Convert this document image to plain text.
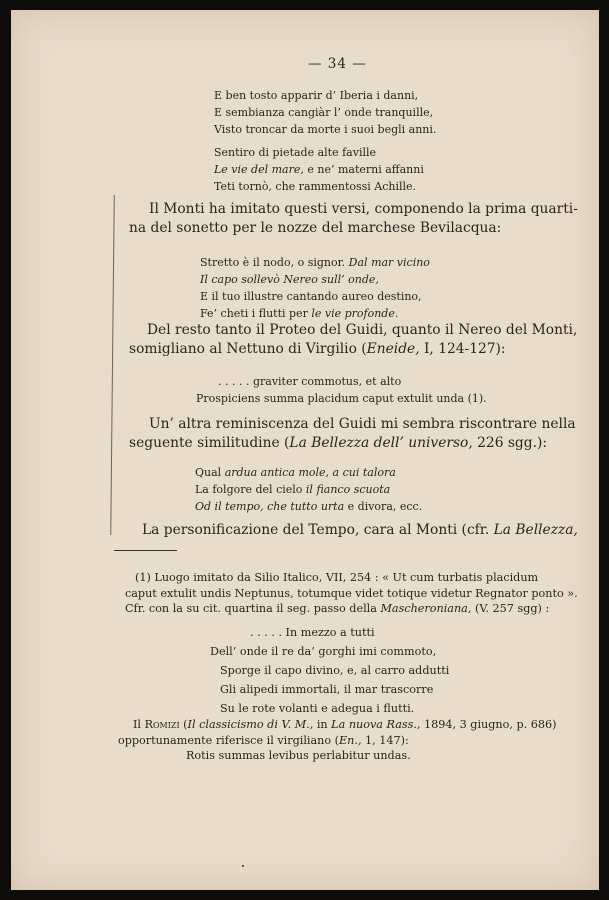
— 34 —
E ben tosto apparir d’ Iberia i danni,
E sembianza cangiàr l’ onde tranquille,
Visto troncar da morte i suoi begli anni.
Sentiro di pietade alte faville
Le vie del mare, e ne’ materni affanni
Teti tornò, che rammentossi Achille.
Il Monti ha imitato questi versi, componendo la prima quarti-
na del sonetto per le nozze del marchese Bevilacqua:
Stretto è il nodo, o signor. Dal mar vicino
Il capo sollevò Nereo sull’ onde,
E il tuo illustre cantando aureo destino,
Fe’ cheti i flutti per le vie profonde.
Del resto tanto il Proteo del Guidi, quanto il Nereo del Monti,
somigliano al Nettuno di Virgilio (Eneide, I, 124-127):
. . . . . graviter commotus, et alto
Prospiciens summa placidum caput extulit unda (1).
Un’ altra reminiscenza del Guidi mi sembra riscontrare nella
seguente similitudine (La Bellezza dell’ universo, 226 sgg.):
Qual ardua antica mole, a cui talora
La folgore del cielo il fianco scuota
Od il tempo, che tutto urta e divora, ecc.
La personificazione del Tempo, cara al Monti (cfr. La Bellezza,
(1) Luogo imitato da Silio Italico, VII, 254 : « Ut cum turbatis placidum
caput extulit undis Neptunus, totumque videt totique videtur Regnator ponto ».
Cfr. con la su cit. quartina il seg. passo della Mascheroniana, (V. 257 sgg) :
. . . . . In mezzo a tutti
Dell’ onde il re da’ gorghi imi commoto,
Sporge il capo divino, e, al carro addutti
Gli alipedi immortali, il mar trascorre
Su le rote volanti e adegua i flutti.
Il Romizi (Il classicismo di V. M., in La nuova Rass., 1894, 3 giugno, p. 686)
opportunamente riferisce il virgiliano (En., 1, 147):
Rotis summas levibus perlabitur undas.
